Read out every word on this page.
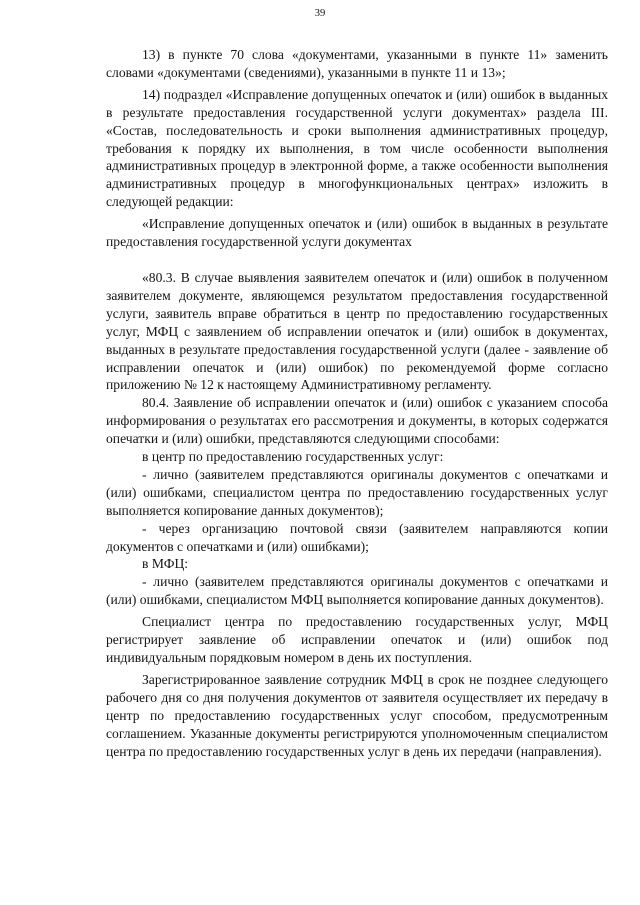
39

13) в пункте 70 слова «документами, указанными в пункте 11» заменить словами «документами (сведениями), указанными в пункте 11 и 13»;

14) подраздел «Исправление допущенных опечаток и (или) ошибок в выданных в результате предоставления государственной услуги документах» раздела III. «Состав, последовательность и сроки выполнения административных процедур, требования к порядку их выполнения, в том числе особенности выполнения административных процедур в электронной форме, а также особенности выполнения административных процедур в многофункциональных центрах» изложить в следующей редакции:

«Исправление допущенных опечаток и (или) ошибок в выданных в результате предоставления государственной услуги документах

«80.3. В случае выявления заявителем опечаток и (или) ошибок в полученном заявителем документе, являющемся результатом предоставления государственной услуги, заявитель вправе обратиться в центр по предоставлению государственных услуг, МФЦ с заявлением об исправлении опечаток и (или) ошибок в документах, выданных в результате предоставления государственной услуги (далее - заявление об исправлении опечаток и (или) ошибок) по рекомендуемой форме согласно приложению № 12 к настоящему Административному регламенту.

80.4. Заявление об исправлении опечаток и (или) ошибок с указанием способа информирования о результатах его рассмотрения и документы, в которых содержатся опечатки и (или) ошибки, представляются следующими способами:

в центр по предоставлению государственных услуг:

- лично (заявителем представляются оригиналы документов с опечатками и (или) ошибками, специалистом центра по предоставлению государственных услуг выполняется копирование данных документов);

- через организацию почтовой связи (заявителем направляются копии документов с опечатками и (или) ошибками);

в МФЦ:

- лично (заявителем представляются оригиналы документов с опечатками и (или) ошибками, специалистом МФЦ выполняется копирование данных документов).

Специалист центра по предоставлению государственных услуг, МФЦ регистрирует заявление об исправлении опечаток и (или) ошибок под индивидуальным порядковым номером в день их поступления.

Зарегистрированное заявление сотрудник МФЦ в срок не позднее следующего рабочего дня со дня получения документов от заявителя осуществляет их передачу в центр по предоставлению государственных услуг способом, предусмотренным соглашением. Указанные документы регистрируются уполномоченным специалистом центра по предоставлению государственных услуг в день их передачи (направления).
